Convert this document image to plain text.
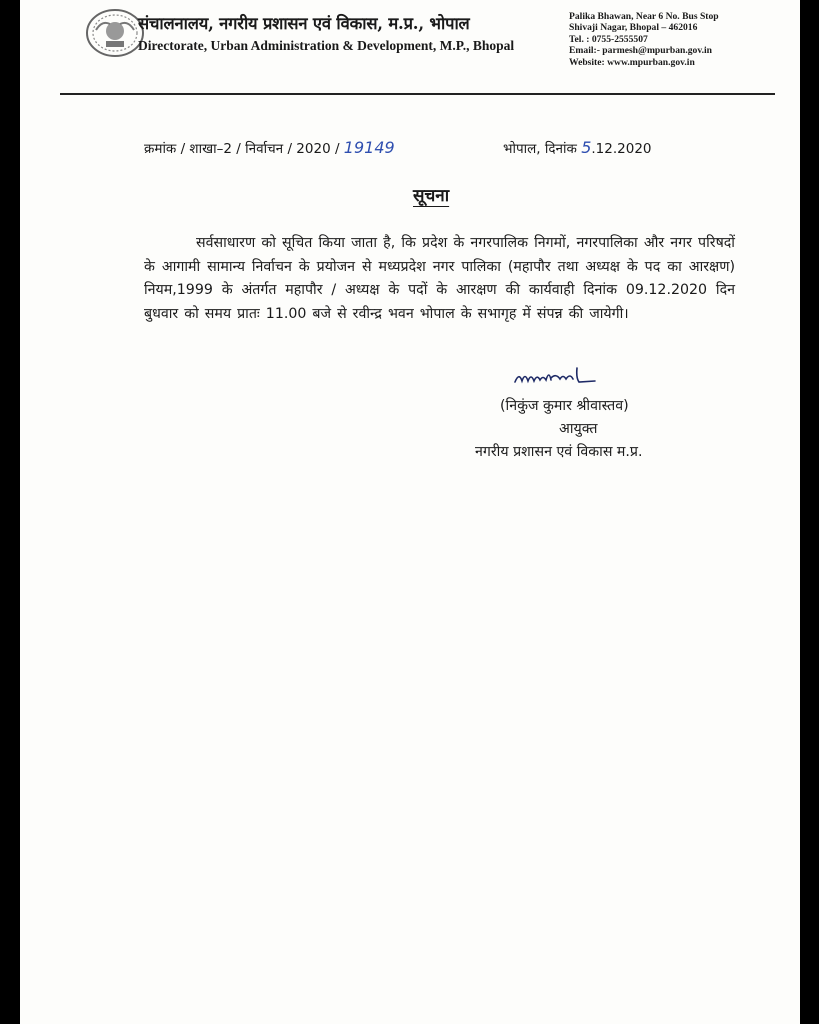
संचालनालय, नगरीय प्रशासन एवं विकास, म.प्र., भोपाल
Directorate, Urban Administration & Development, M.P., Bhopal
Palika Bhawan, Near 6 No. Bus Stop
Shivaji Nagar, Bhopal – 462016
Tel. : 0755-2555507
Email:- parmesh@mpurban.gov.in
Website: www.mpurban.gov.in
क्रमांक / शाखा–2 / निर्वाचन / 2020 / 19149	भोपाल, दिनांक 5.12.2020
सूचना
सर्वसाधारण को सूचित किया जाता है, कि प्रदेश के नगरपालिक निगमों, नगरपालिका और नगर परिषदों के आगामी सामान्य निर्वाचन के प्रयोजन से मध्यप्रदेश नगर पालिका (महापौर तथा अध्यक्ष के पद का आरक्षण) नियम,1999 के अंतर्गत महापौर / अध्यक्ष के पदों के आरक्षण की कार्यवाही दिनांक 09.12.2020 दिन बुधवार को समय प्रातः 11.00 बजे से रवीन्द्र भवन भोपाल के सभागृह में संपन्न की जायेगी।
(निकुंज कुमार श्रीवास्तव)
आयुक्त
नगरीय प्रशासन एवं विकास म.प्र.
